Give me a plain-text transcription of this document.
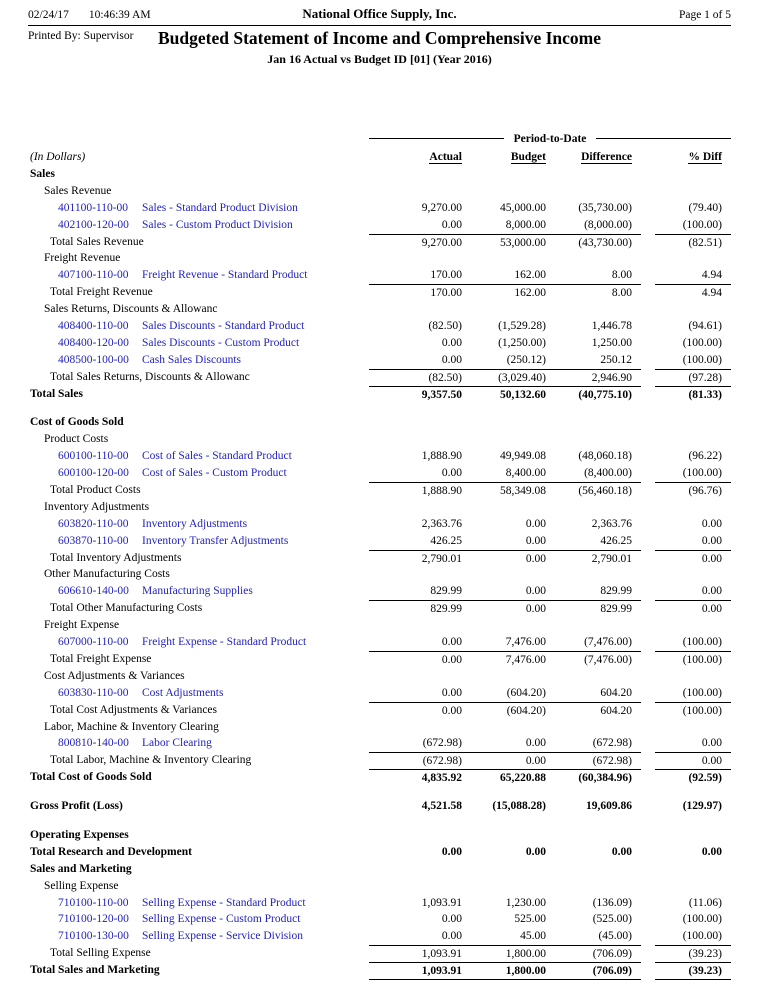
02/24/17 10:46:39 AM	National Office Supply, Inc.	Page 1 of 5
Printed By: Supervisor	Budgeted Statement of Income and Comprehensive Income
Jan 16 Actual vs Budget ID [01] (Year 2016)
Period-to-Date
(In Dollars)	Actual	Budget	Difference	% Diff
Sales
Sales Revenue
401100-110-00 Sales - Standard Product Division	9,270.00	45,000.00	(35,730.00)	(79.40)
402100-120-00 Sales - Custom Product Division	0.00	8,000.00	(8,000.00)	(100.00)
Total Sales Revenue	9,270.00	53,000.00	(43,730.00)	(82.51)
Freight Revenue
407100-110-00 Freight Revenue - Standard Product	170.00	162.00	8.00	4.94
Total Freight Revenue	170.00	162.00	8.00	4.94
Sales Returns, Discounts & Allowanc
408400-110-00 Sales Discounts - Standard Product	(82.50)	(1,529.28)	1,446.78	(94.61)
408400-120-00 Sales Discounts - Custom Product	0.00	(1,250.00)	1,250.00	(100.00)
408500-100-00 Cash Sales Discounts	0.00	(250.12)	250.12	(100.00)
Total Sales Returns, Discounts & Allowanc	(82.50)	(3,029.40)	2,946.90	(97.28)
Total Sales	9,357.50	50,132.60	(40,775.10)	(81.33)
Cost of Goods Sold
Product Costs
600100-110-00 Cost of Sales - Standard Product	1,888.90	49,949.08	(48,060.18)	(96.22)
600100-120-00 Cost of Sales - Custom Product	0.00	8,400.00	(8,400.00)	(100.00)
Total Product Costs	1,888.90	58,349.08	(56,460.18)	(96.76)
Inventory Adjustments
603820-110-00 Inventory Adjustments	2,363.76	0.00	2,363.76	0.00
603870-110-00 Inventory Transfer Adjustments	426.25	0.00	426.25	0.00
Total Inventory Adjustments	2,790.01	0.00	2,790.01	0.00
Other Manufacturing Costs
606610-140-00 Manufacturing Supplies	829.99	0.00	829.99	0.00
Total Other Manufacturing Costs	829.99	0.00	829.99	0.00
Freight Expense
607000-110-00 Freight Expense - Standard Product	0.00	7,476.00	(7,476.00)	(100.00)
Total Freight Expense	0.00	7,476.00	(7,476.00)	(100.00)
Cost Adjustments & Variances
603830-110-00 Cost Adjustments	0.00	(604.20)	604.20	(100.00)
Total Cost Adjustments & Variances	0.00	(604.20)	604.20	(100.00)
Labor, Machine & Inventory Clearing
800810-140-00 Labor Clearing	(672.98)	0.00	(672.98)	0.00
Total Labor, Machine & Inventory Clearing	(672.98)	0.00	(672.98)	0.00
Total Cost of Goods Sold	4,835.92	65,220.88	(60,384.96)	(92.59)
Gross Profit (Loss)	4,521.58	(15,088.28)	19,609.86	(129.97)
Operating Expenses
Total Research and Development	0.00	0.00	0.00	0.00
Sales and Marketing
Selling Expense
710100-110-00 Selling Expense - Standard Product	1,093.91	1,230.00	(136.09)	(11.06)
710100-120-00 Selling Expense - Custom Product	0.00	525.00	(525.00)	(100.00)
710100-130-00 Selling Expense - Service Division	0.00	45.00	(45.00)	(100.00)
Total Selling Expense	1,093.91	1,800.00	(706.09)	(39.23)
Total Sales and Marketing	1,093.91	1,800.00	(706.09)	(39.23)
